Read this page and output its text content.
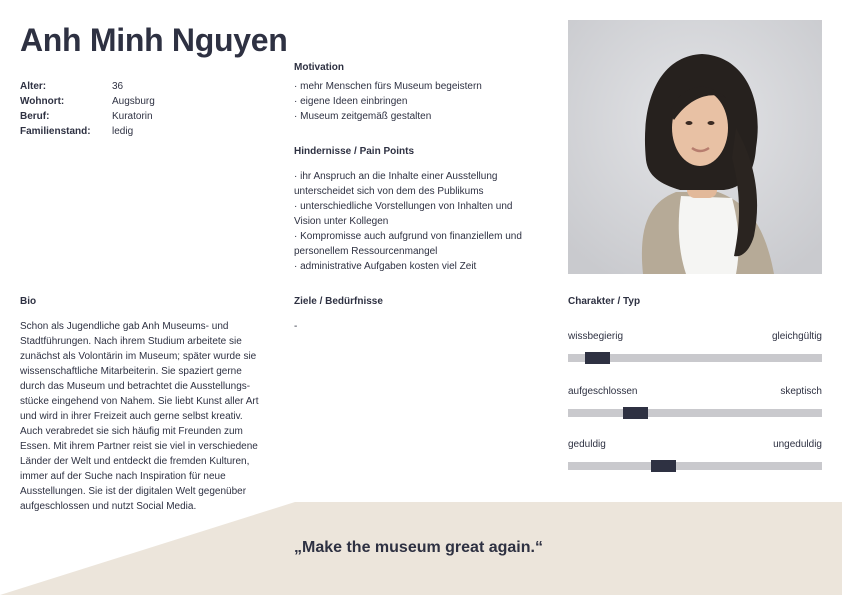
Anh Minh Nguyen
Alter:	36
Wohnort:	Augsburg
Beruf:	Kuratorin
Familienstand:	ledig
Motivation
· mehr Menschen fürs Museum begeistern
· eigene Ideen einbringen
· Museum zeitgemäß gestalten
Hindernisse / Pain Points
· ihr Anspruch an die Inhalte einer Ausstellung
unterscheidet sich von dem des Publikums
· unterschiedliche Vorstellungen von Inhalten und
Vision unter Kollegen
· Kompromisse auch aufgrund von finanziellem und
personellem Ressourcenmangel
· administrative Aufgaben kosten viel Zeit
Bio
Schon als Jugendliche gab Anh Museums- und
Stadtführungen. Nach ihrem Studium arbeitete sie
zunächst als Volontärin im Museum; später wurde sie
wissenschaftliche Mitarbeiterin. Sie spaziert gerne
durch das Museum und betrachtet die Ausstellungs-
stücke eingehend von Nahem. Sie liebt Kunst aller Art
und wird in ihrer Freizeit auch gerne selbst kreativ.
Auch verabredet sie sich häufig mit Freunden zum
Essen. Mit ihrem Partner reist sie viel in verschiedene
Länder der Welt und entdeckt die fremden Kulturen,
immer auf der Suche nach Inspiration für neue
Ausstellungen. Sie ist der digitalen Welt gegenüber
aufgeschlossen und nutzt Social Media.
Ziele / Bedürfnisse
-
Charakter / Typ
wissbegierig	gleichgültig
aufgeschlossen	skeptisch
geduldig	ungeduldig
„Make the museum great again.“
